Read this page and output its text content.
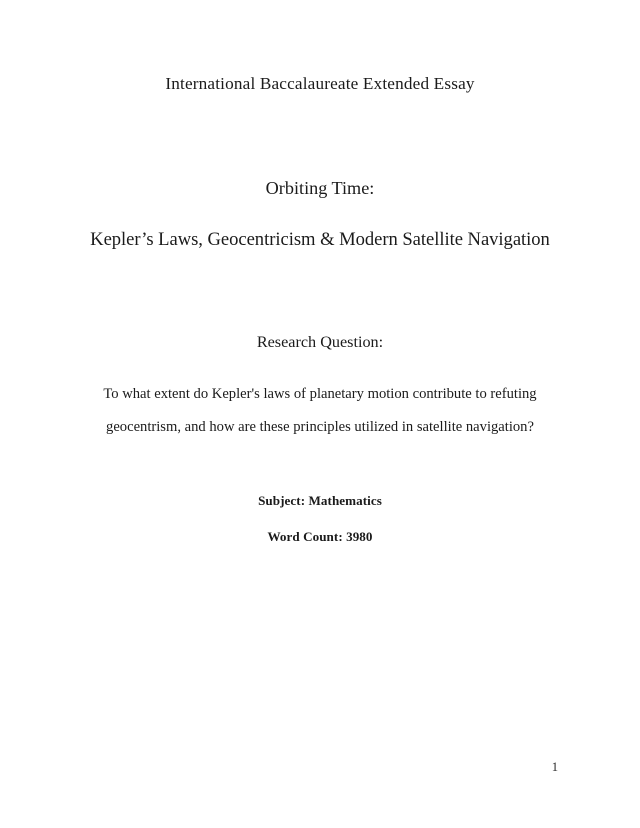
International Baccalaureate Extended Essay
Orbiting Time:
Kepler’s Laws, Geocentricism & Modern Satellite Navigation
Research Question:
To what extent do Kepler's laws of planetary motion contribute to refuting
geocentrism, and how are these principles utilized in satellite navigation?
Subject: Mathematics
Word Count: 3980
1
